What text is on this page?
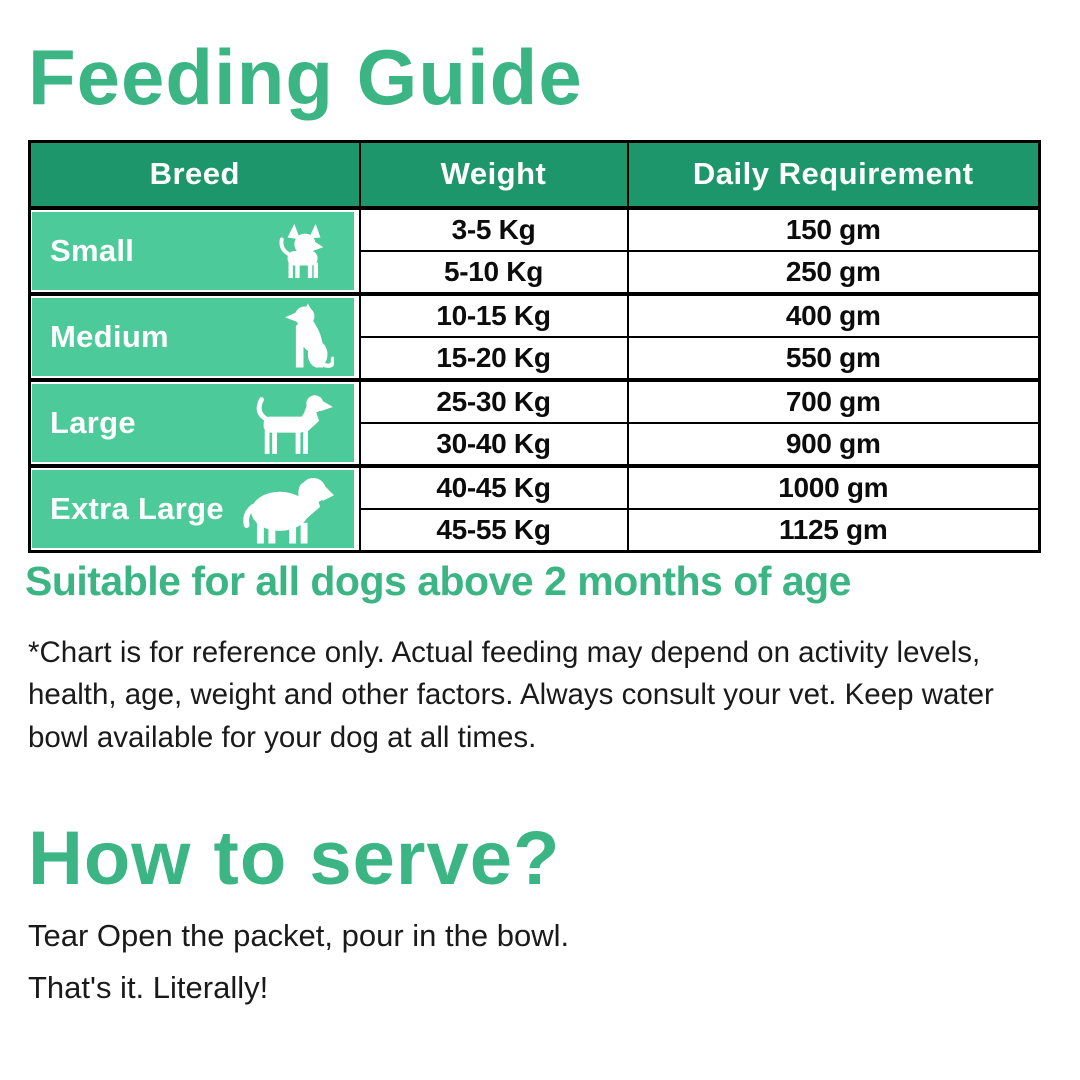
Feeding Guide
Breed	Weight	Daily Requirement

Small	3-5 Kg	150 gm
	5-10 Kg	250 gm

Medium	10-15 Kg	400 gm
	15-20 Kg	550 gm

Large	25-30 Kg	700 gm
	30-40 Kg	900 gm

Extra Large	40-45 Kg	1000 gm
	45-55 Kg	1125 gm
Suitable for all dogs above 2 months of age

*Chart is for reference only. Actual feeding may depend on activity levels, health, age, weight and other factors. Always consult your vet. Keep water bowl available for your dog at all times.

How to serve?

Tear Open the packet, pour in the bowl.

That's it. Literally!
